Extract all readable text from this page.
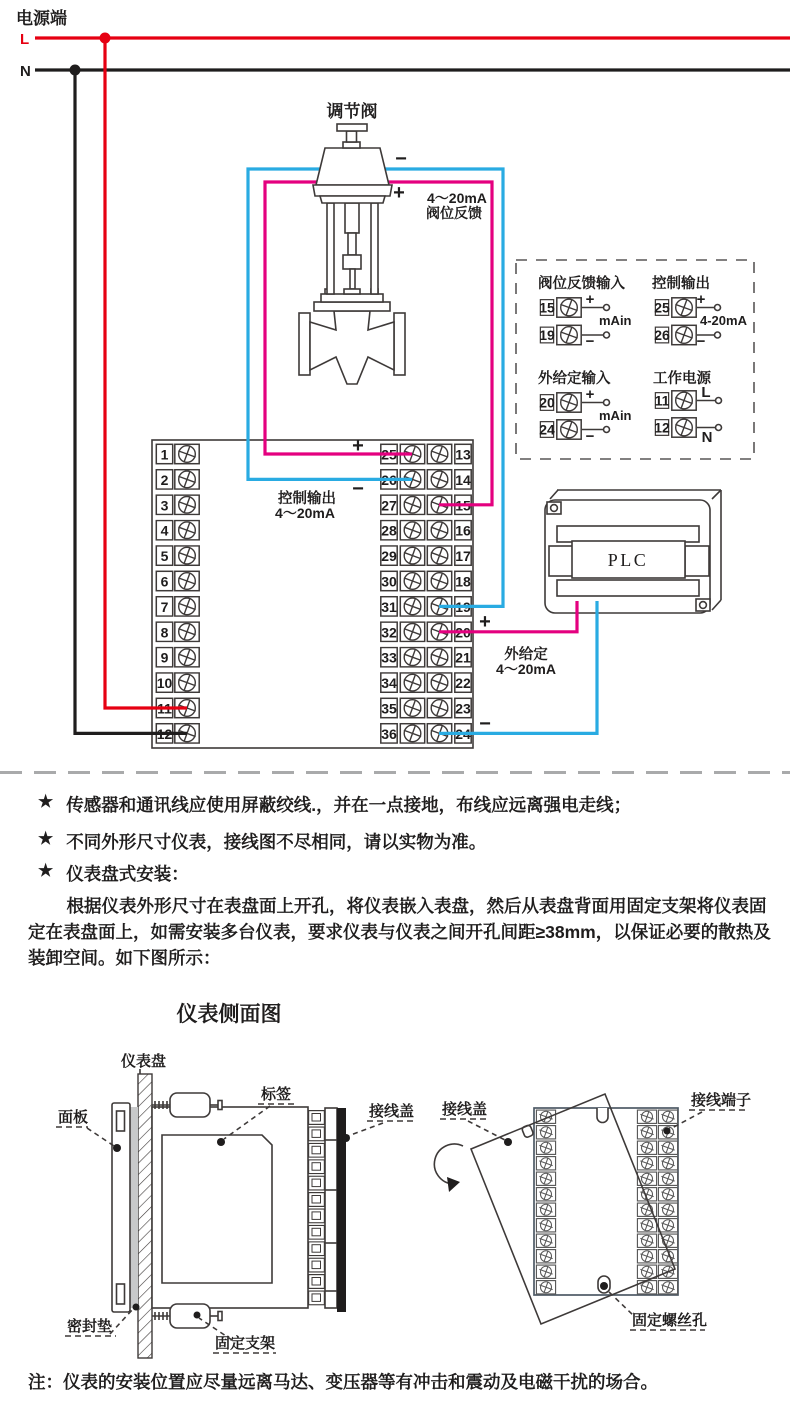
电源端
L
N
阀位反馈输入
15
19
+
−
mAin
控制输出
25
26
+
−
4-20mA
外给定输入
20
24
+
−
mAin
工作电源
11
12
L
N
1
2
3
4
5
6
7
8
9
10
11
12
25
26
27
28
29
30
31
32
33
34
35
36
13
14
15
16
17
18
19
20
21
22
23
24
PLC
调节阀
−
+ 4～20mA
阀位反馈
+
−
控制输出
4～20mA
+
−
外给定
4～20mA
★ 传感器和通讯线应使用屏蔽绞线.，并在一点接地，布线应远离强电走线；
★ 不同外形尺寸仪表，接线图不尽相同，请以实物为准。
★ 仪表盘式安装：
根据仪表外形尺寸在表盘面上开孔，将仪表嵌入表盘，然后从表盘背面用固定支架将仪表固定在表盘面上，如需安装多台仪表，要求仪表与仪表之间开孔间距≥38mm，以保证必要的散热及装卸空间。如下图所示：
仪表侧面图
仪表盘
标签
面板	接线盖
密封垫
固定支架
接线盖
接线端子
固定螺丝孔
注：仪表的安装位置应尽量远离马达、变压器等有冲击和震动及电磁干扰的场合。
